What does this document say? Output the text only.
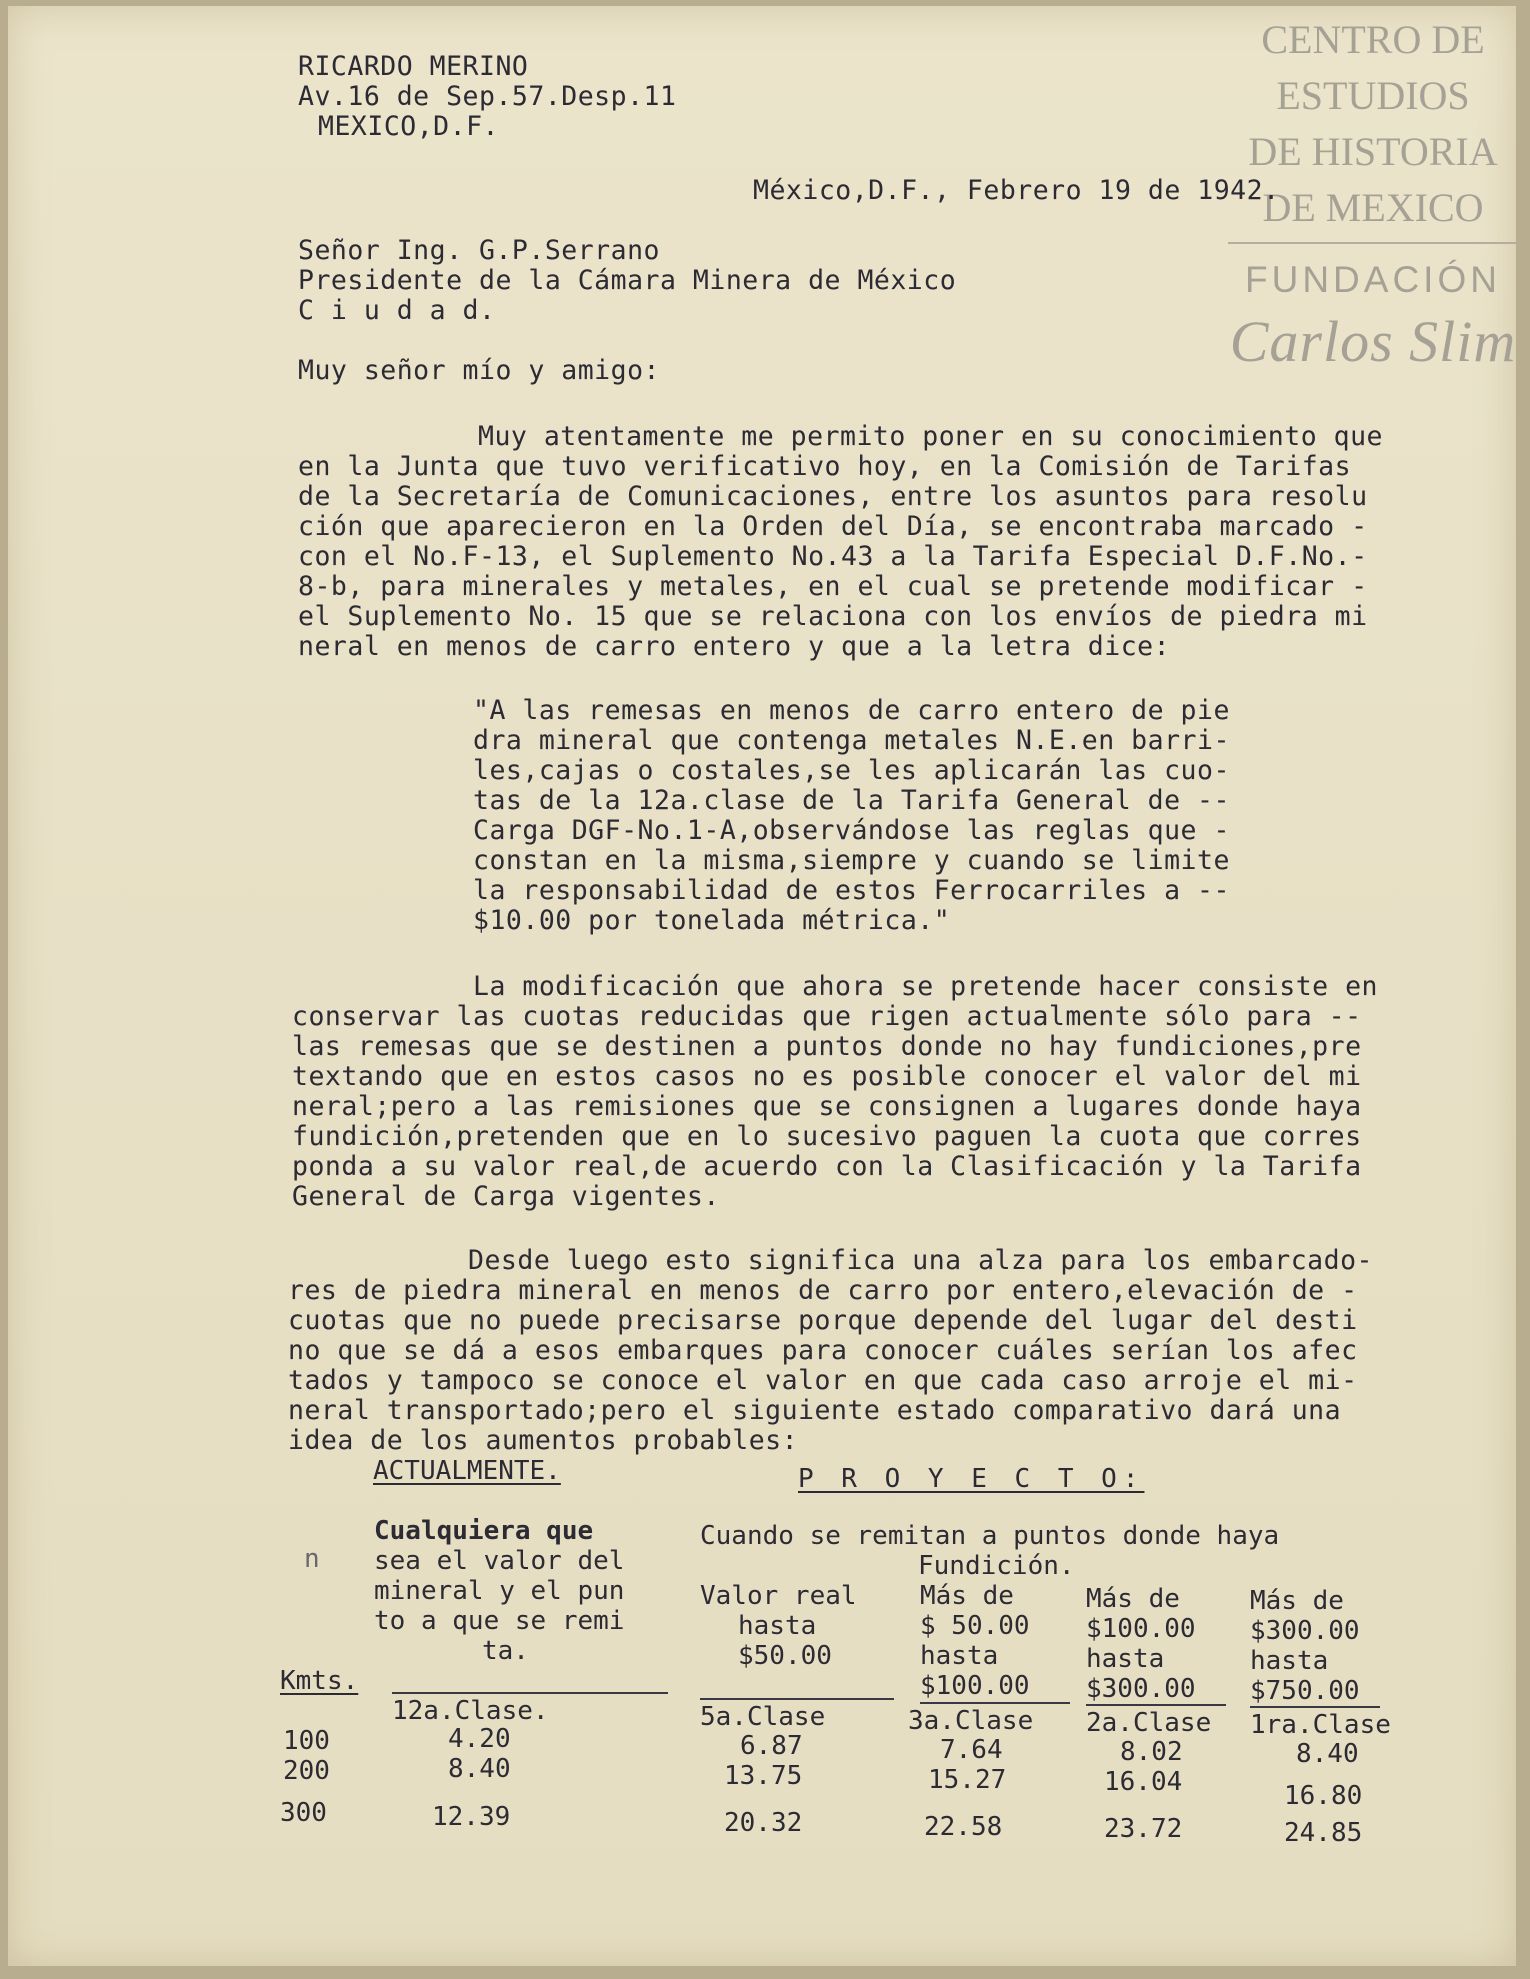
CENTRO DE
ESTUDIOS
DE HISTORIA
DE MEXICO
FUNDACIÓN
Carlos Slim
RICARDO MERINO
Av.16 de Sep.57.Desp.11
MEXICO,D.F.
México,D.F., Febrero 19 de 1942.
Señor Ing. G.P.Serrano
Presidente de la Cámara Minera de México
C i u d a d.
Muy señor mío y amigo:
Muy atentamente me permito poner en su conocimiento que
en la Junta que tuvo verificativo hoy, en la Comisión de Tarifas
de la Secretaría de Comunicaciones, entre los asuntos para resolu
ción que aparecieron en la Orden del Día, se encontraba marcado -
con el No.F-13, el Suplemento No.43 a la Tarifa Especial D.F.No.-
8-b, para minerales y metales, en el cual se pretende modificar -
el Suplemento No. 15 que se relaciona con los envíos de piedra mi
neral en menos de carro entero y que a la letra dice:
"A las remesas en menos de carro entero de pie
dra mineral que contenga metales N.E.en barri-
les,cajas o costales,se les aplicarán las cuo-
tas de la 12a.clase de la Tarifa General de --
Carga DGF-No.1-A,observándose las reglas que -
constan en la misma,siempre y cuando se limite
la responsabilidad de estos Ferrocarriles a --
$10.00 por tonelada métrica."
La modificación que ahora se pretende hacer consiste en
conservar las cuotas reducidas que rigen actualmente sólo para --
las remesas que se destinen a puntos donde no hay fundiciones,pre
textando que en estos casos no es posible conocer el valor del mi
neral;pero a las remisiones que se consignen a lugares donde haya
fundición,pretenden que en lo sucesivo paguen la cuota que corres
ponda a su valor real,de acuerdo con la Clasificación y la Tarifa
General de Carga vigentes.
Desde luego esto significa una alza para los embarcado-
res de piedra mineral en menos de carro por entero,elevación de -
cuotas que no puede precisarse porque depende del lugar del desti
no que se dá a esos embarques para conocer cuáles serían los afec
tados y tampoco se conoce el valor en que cada caso arroje el mi-
neral transportado;pero el siguiente estado comparativo dará una
idea de los aumentos probables:
ACTUALMENTE.	P R O Y E C T O:
n
Cualquiera que
sea el valor del
mineral y el pun
to a que se remi
ta.
Cuando se remitan a puntos donde haya
Fundición.
Valor real
hasta
$50.00
Más de
$ 50.00
hasta
$100.00
Más de
$100.00
hasta
$300.00
Más de
$300.00
hasta
$750.00
Kmts.
12a.Clase.	5a.Clase	3a.Clase 2a.Clase 1ra.Clase
100	4.20	6.87	7.64	8.02	8.40
200	8.40	13.75	15.27	16.04	16.80
300	12.39	20.32	22.58	23.72	24.85
